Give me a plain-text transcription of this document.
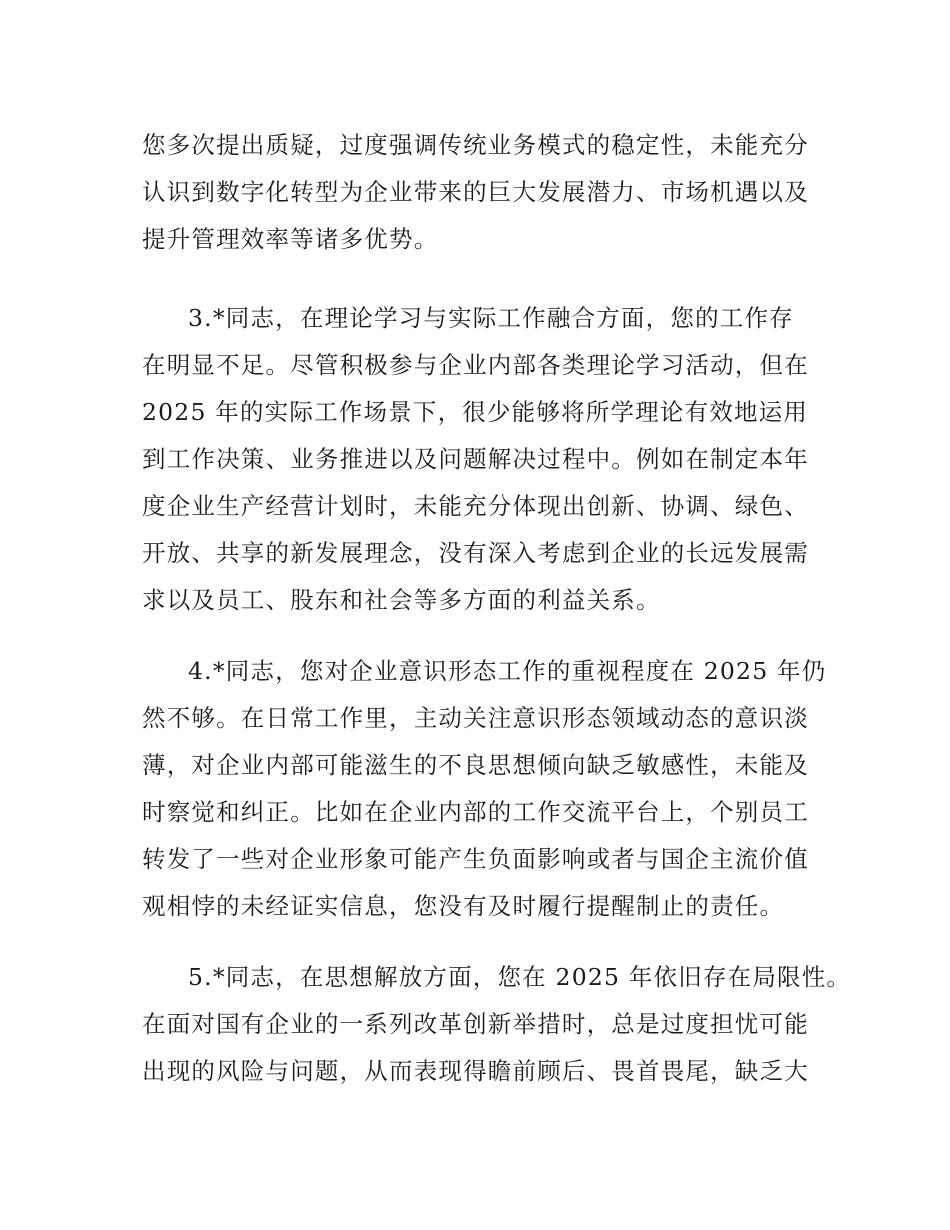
您多次提出质疑，过度强调传统业务模式的稳定性，未能充分
认识到数字化转型为企业带来的巨大发展潜力、市场机遇以及
提升管理效率等诸多优势。
3.*同志，在理论学习与实际工作融合方面，您的工作存
在明显不足。尽管积极参与企业内部各类理论学习活动，但在
2025 年的实际工作场景下，很少能够将所学理论有效地运用
到工作决策、业务推进以及问题解决过程中。例如在制定本年
度企业生产经营计划时，未能充分体现出创新、协调、绿色、
开放、共享的新发展理念，没有深入考虑到企业的长远发展需
求以及员工、股东和社会等多方面的利益关系。
4.*同志，您对企业意识形态工作的重视程度在 2025 年仍
然不够。在日常工作里，主动关注意识形态领域动态的意识淡
薄，对企业内部可能滋生的不良思想倾向缺乏敏感性，未能及
时察觉和纠正。比如在企业内部的工作交流平台上，个别员工
转发了一些对企业形象可能产生负面影响或者与国企主流价值
观相悖的未经证实信息，您没有及时履行提醒制止的责任。
5.*同志，在思想解放方面，您在 2025 年依旧存在局限性。
在面对国有企业的一系列改革创新举措时，总是过度担忧可能
出现的风险与问题，从而表现得瞻前顾后、畏首畏尾，缺乏大
